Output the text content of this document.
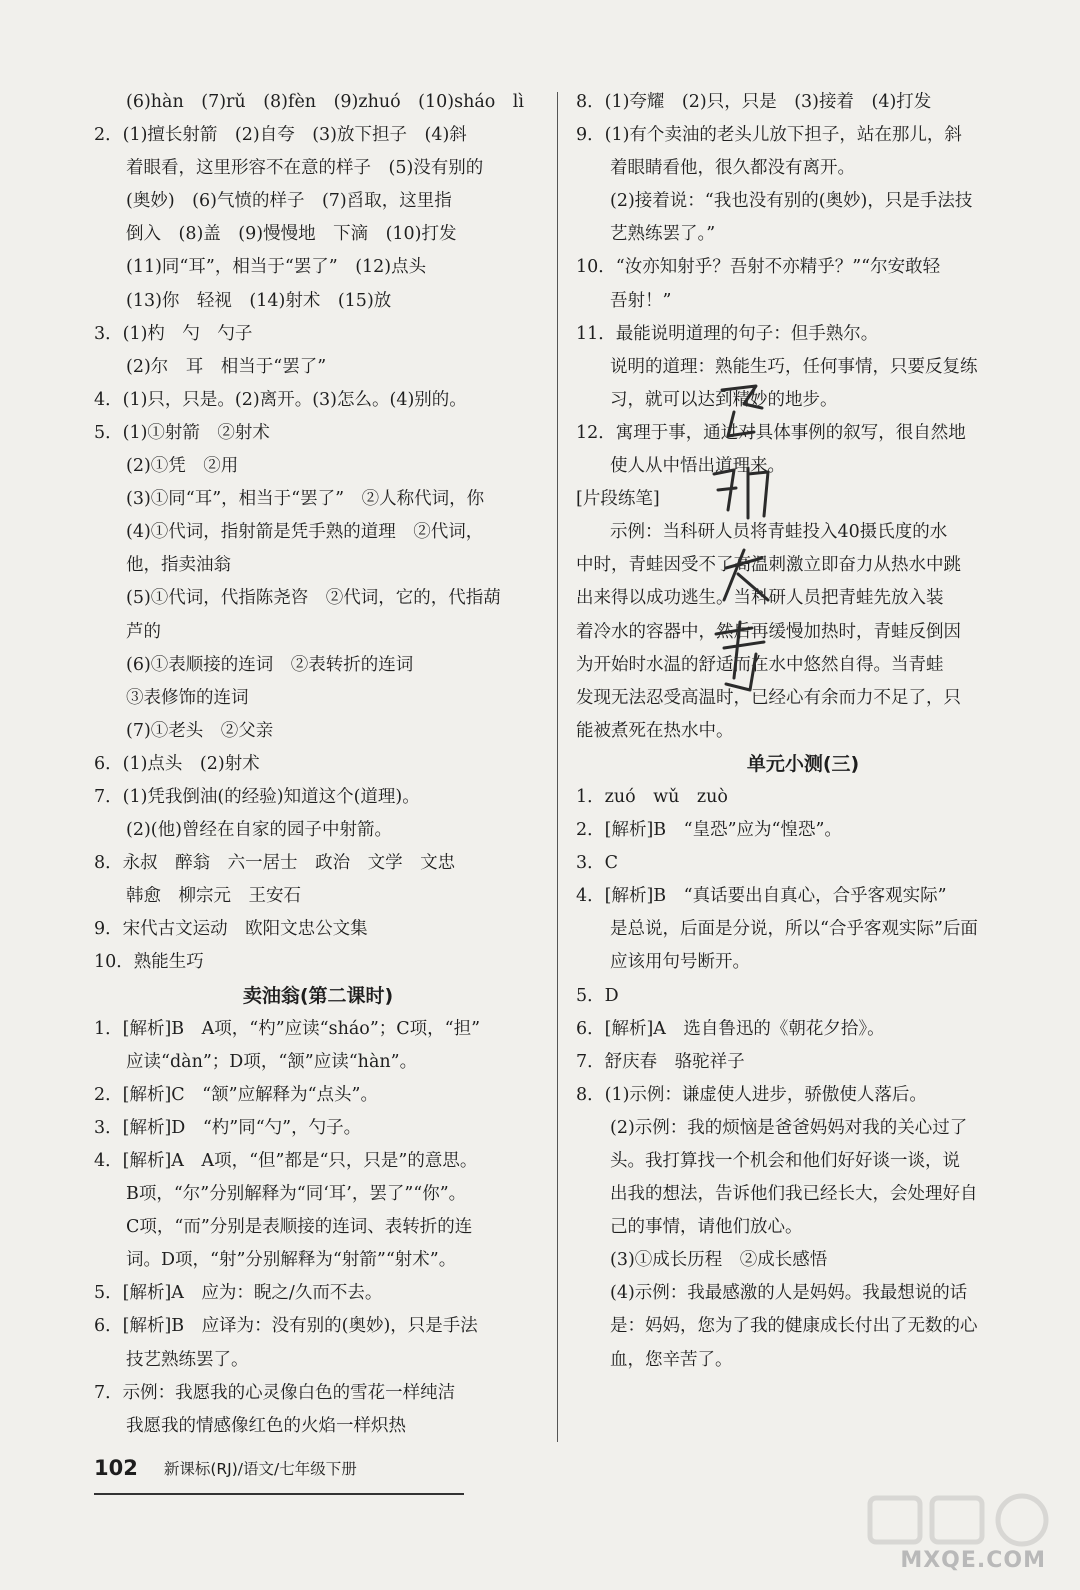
(6)hàn　(7)rǔ　(8)fèn　(9)zhuó　(10)sháo　lì
2．(1)擅长射箭　(2)自夸　(3)放下担子　(4)斜
着眼看，这里形容不在意的样子　(5)没有别的
(奥妙)　(6)气愤的样子　(7)舀取，这里指
倒入　(8)盖　(9)慢慢地　下滴　(10)打发
(11)同“耳”，相当于“罢了”　(12)点头
(13)你　轻视　(14)射术　(15)放
3．(1)杓　勺　勺子
(2)尔　耳　相当于“罢了”
4．(1)只，只是。(2)离开。(3)怎么。(4)别的。
5．(1)①射箭　②射术
(2)①凭　②用
(3)①同“耳”，相当于“罢了”　②人称代词，你
(4)①代词，指射箭是凭手熟的道理　②代词，
他，指卖油翁
(5)①代词，代指陈尧咨　②代词，它的，代指葫
芦的
(6)①表顺接的连词　②表转折的连词
③表修饰的连词
(7)①老头　②父亲
6．(1)点头　(2)射术
7．(1)凭我倒油(的经验)知道这个(道理)。
(2)(他)曾经在自家的园子中射箭。
8．永叔　醉翁　六一居士　政治　文学　文忠
韩愈　柳宗元　王安石
9．宋代古文运动　欧阳文忠公文集
10．熟能生巧
卖油翁(第二课时)
1．[解析]B　A项，“杓”应读“sháo”；C项，“担”
应读“dàn”；D项，“颔”应读“hàn”。
2．[解析]C　“颔”应解释为“点头”。
3．[解析]D　“杓”同“勺”，勺子。
4．[解析]A　A项，“但”都是“只，只是”的意思。
B项，“尔”分别解释为“同‘耳’，罢了”“你”。
C项，“而”分别是表顺接的连词、表转折的连
词。D项，“射”分别解释为“射箭”“射术”。
5．[解析]A　应为：睨之/久而不去。
6．[解析]B　应译为：没有别的(奥妙)，只是手法
技艺熟练罢了。
7．示例：我愿我的心灵像白色的雪花一样纯洁
我愿我的情感像红色的火焰一样炽热
8．(1)夸耀　(2)只，只是　(3)接着　(4)打发
9．(1)有个卖油的老头儿放下担子，站在那儿，斜
着眼睛看他，很久都没有离开。
(2)接着说：“我也没有别的(奥妙)，只是手法技
艺熟练罢了。”
10．“汝亦知射乎？吾射不亦精乎？”“尔安敢轻
吾射！”
11．最能说明道理的句子：但手熟尔。
说明的道理：熟能生巧，任何事情，只要反复练
习，就可以达到精妙的地步。
12．寓理于事，通过对具体事例的叙写，很自然地
使人从中悟出道理来。
[片段练笔]
示例：当科研人员将青蛙投入40摄氏度的水
中时，青蛙因受不了高温刺激立即奋力从热水中跳
出来得以成功逃生。当科研人员把青蛙先放入装
着冷水的容器中，然后再缓慢加热时，青蛙反倒因
为开始时水温的舒适而在水中悠然自得。当青蛙
发现无法忍受高温时，已经心有余而力不足了，只
能被煮死在热水中。
单元小测(三)
1．zuó　wǔ　zuò
2．[解析]B　“皇恐”应为“惶恐”。
3．C
4．[解析]B　“真话要出自真心，合乎客观实际”
是总说，后面是分说，所以“合乎客观实际”后面
应该用句号断开。
5．D
6．[解析]A　选自鲁迅的《朝花夕拾》。
7．舒庆春　骆驼祥子
8．(1)示例：谦虚使人进步，骄傲使人落后。
(2)示例：我的烦恼是爸爸妈妈对我的关心过了
头。我打算找一个机会和他们好好谈一谈，说
出我的想法，告诉他们我已经长大，会处理好自
己的事情，请他们放心。
(3)①成长历程　②成长感悟
(4)示例：我最感激的人是妈妈。我最想说的话
是：妈妈，您为了我的健康成长付出了无数的心
血，您辛苦了。
102 新课标(RJ)/语文/七年级下册
MXQE.COM
